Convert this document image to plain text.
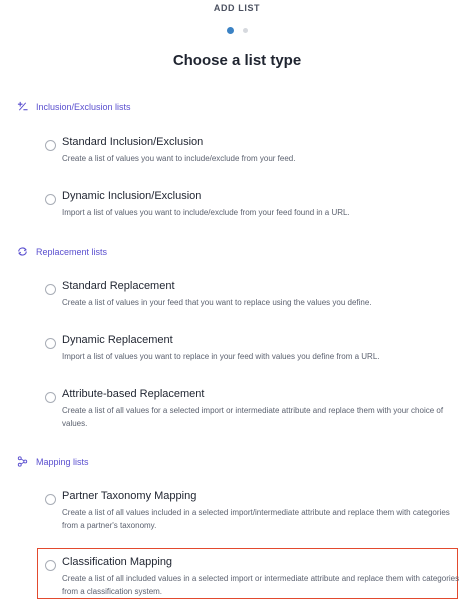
ADD LIST
Choose a list type
Inclusion/Exclusion lists
Standard Inclusion/Exclusion
Create a list of values you want to include/exclude from your feed.
Dynamic Inclusion/Exclusion
Import a list of values you want to include/exclude from your feed found in a URL.
Replacement lists
Standard Replacement
Create a list of values in your feed that you want to replace using the values you define.
Dynamic Replacement
Import a list of values you want to replace in your feed with values you define from a URL.
Attribute-based Replacement
Create a list of all values for a selected import or intermediate attribute and replace them with your choice of values.
Mapping lists
Partner Taxonomy Mapping
Create a list of all values included in a selected import/intermediate attribute and replace them with categories from a partner's taxonomy.
Classification Mapping
Create a list of all included values in a selected import or intermediate attribute and replace them with categories from a classification system.
